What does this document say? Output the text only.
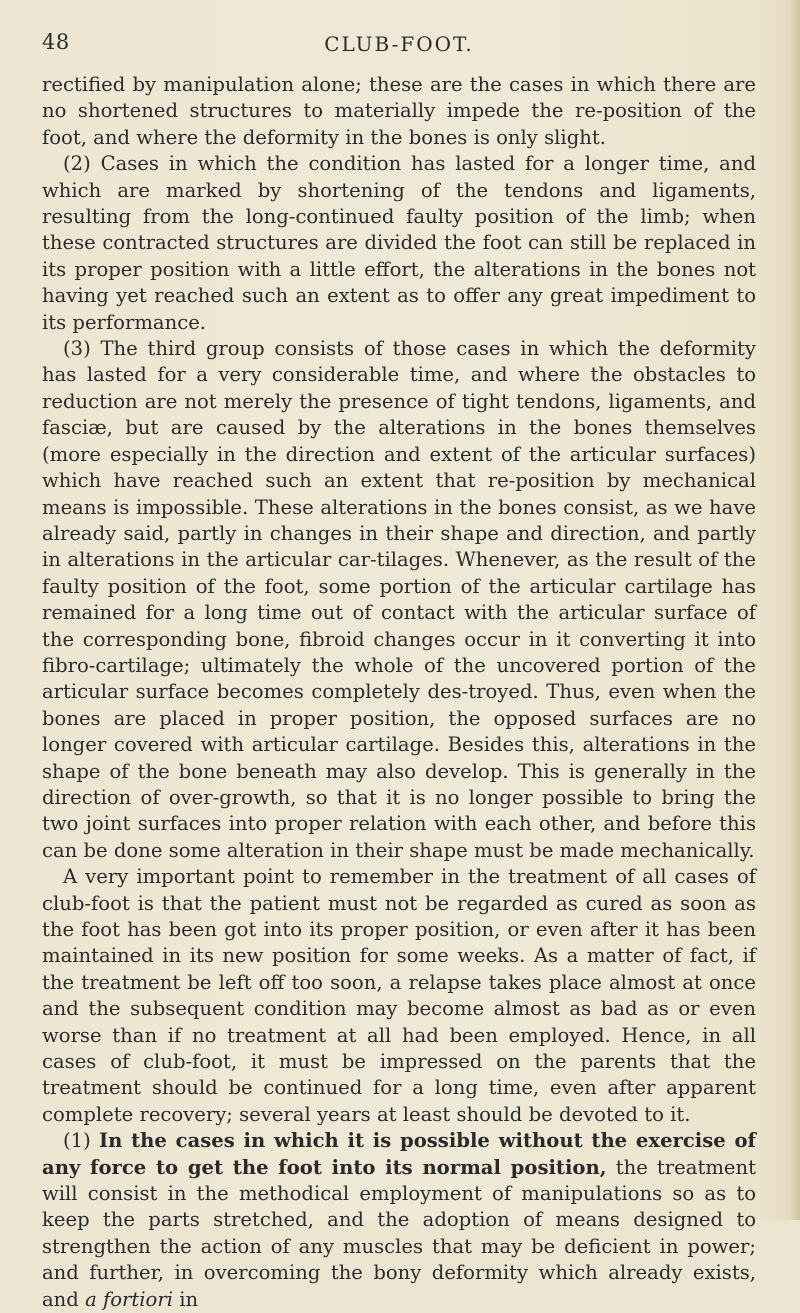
48	CLUB-FOOT.

rectified by manipulation alone; these are the cases in which there are no shortened structures to materially impede the re-position of the foot, and where the deformity in the bones is only slight.

(2) Cases in which the condition has lasted for a longer time, and which are marked by shortening of the tendons and ligaments, resulting from the long-continued faulty position of the limb; when these contracted structures are divided the foot can still be replaced in its proper position with a little effort, the alterations in the bones not having yet reached such an extent as to offer any great impediment to its performance.

(3) The third group consists of those cases in which the deformity has lasted for a very considerable time, and where the obstacles to reduction are not merely the presence of tight tendons, ligaments, and fasciæ, but are caused by the alterations in the bones themselves (more especially in the direction and extent of the articular surfaces) which have reached such an extent that re-position by mechanical means is impossible. These alterations in the bones consist, as we have already said, partly in changes in their shape and direction, and partly in alterations in the articular car-tilages. Whenever, as the result of the faulty position of the foot, some portion of the articular cartilage has remained for a long time out of contact with the articular surface of the corresponding bone, fibroid changes occur in it converting it into fibro-cartilage; ultimately the whole of the uncovered portion of the articular surface becomes completely des-troyed. Thus, even when the bones are placed in proper position, the opposed surfaces are no longer covered with articular cartilage. Besides this, alterations in the shape of the bone beneath may also develop. This is generally in the direction of over-growth, so that it is no longer possible to bring the two joint surfaces into proper relation with each other, and before this can be done some alteration in their shape must be made mechanically.

A very important point to remember in the treatment of all cases of club-foot is that the patient must not be regarded as cured as soon as the foot has been got into its proper position, or even after it has been maintained in its new position for some weeks. As a matter of fact, if the treatment be left off too soon, a relapse takes place almost at once and the subsequent condition may become almost as bad as or even worse than if no treatment at all had been employed. Hence, in all cases of club-foot, it must be impressed on the parents that the treatment should be continued for a long time, even after apparent complete recovery; several years at least should be devoted to it.

(1) In the cases in which it is possible without the exercise of any force to get the foot into its normal position, the treatment will consist in the methodical employment of manipulations so as to keep the parts stretched, and the adoption of means designed to strengthen the action of any muscles that may be deficient in power; and further, in overcoming the bony deformity which already exists, and a fortiori in
